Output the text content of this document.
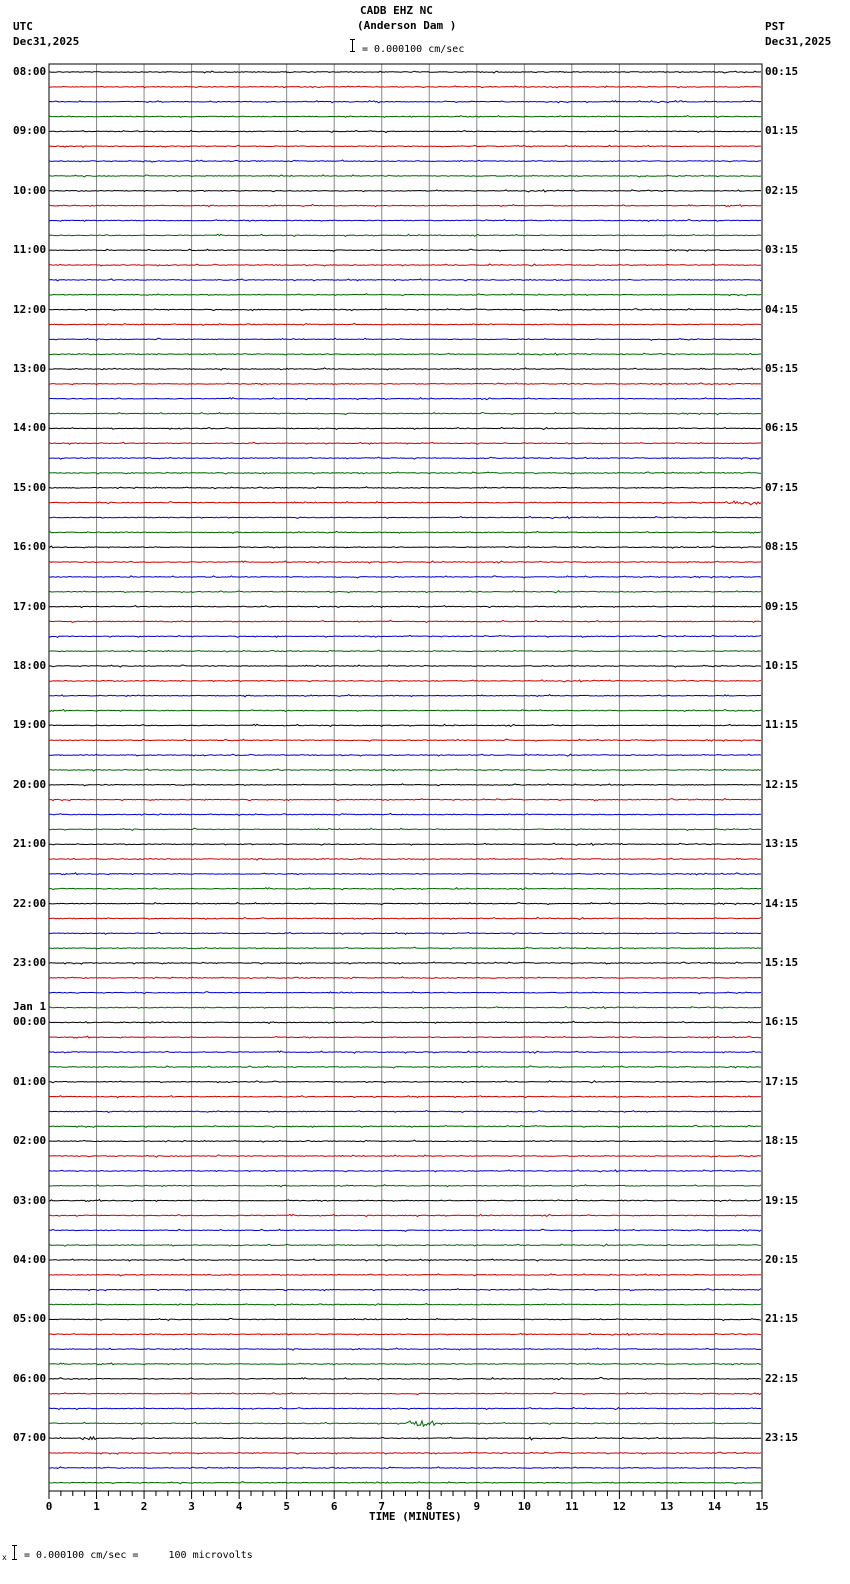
CADB EHZ NC
(Anderson Dam )
= 0.000100 cm/sec
UTC
Dec31,2025
PST
Dec31,2025
0	1	2	3	4	5	6	7	8	9	10	11	12	13	14	15
08:00	00:15
09:00	01:15
10:00	02:15
11:00	03:15
12:00	04:15
13:00	05:15
14:00	06:15
15:00	07:15
16:00	08:15
17:00	09:15
18:00	10:15
19:00	11:15
20:00	12:15
21:00	13:15
22:00	14:15
23:00	15:15
00:00	16:15
Jan 1
01:00	17:15
02:00	18:15
03:00	19:15
04:00	20:15
05:00	21:15
06:00	22:15
07:00	23:15
TIME (MINUTES)
x = 0.000100 cm/sec =     100 microvolts
